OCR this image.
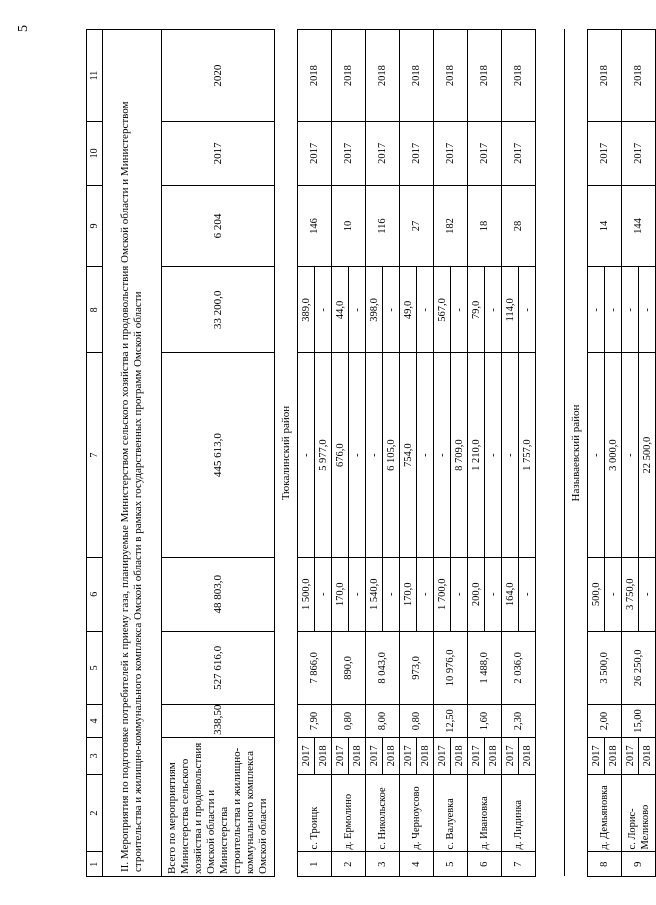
5
1	2	3	4	5	6	7	8	9	10	11
II. Мероприятия по подготовке потребителей к приему газа, планируемые Министерством сельского хозяйства и продовольствия Омской области и Министерством строительства и жилищно-коммунального комплекса Омской области в рамках государственных программ Омской области										
Всего по мероприятиям Министерства сельского хозяйства и продовольствия Омской области и Министерства строительства и жилищно-коммунального комплекса Омской области			338,50	527 616,0	48 803,0	445 613,0	33 200,0	6 204	2017	2020
Тюкалинский район										
1	с. Троицк	2017	7,90	7 866,0	1 500,0	-	389,0	146	2017	2018
		2018			-	5 977,0	-			
2	д. Ермолино	2017	0,80	890,0	170,0	676,0	44,0	10	2017	2018
		2018			-	-	-			
3	с. Никольское	2017	8,00	8 043,0	1 540,0	-	398,0	116	2017	2018
		2018			-	6 105,0	-			
4	д. Черноусово	2017	0,80	973,0	170,0	754,0	49,0	27	2017	2018
		2018			-	-	-			
5	с. Валуевка	2017	12,50	10 976,0	1 700,0	-	567,0	182	2017	2018
		2018			-	8 709,0	-			
6	д. Ивановка	2017	1,60	1 488,0	200,0	1 210,0	79,0	18	2017	2018
		2018			-	-	-			
7	д. Лидинка	2017	2,30	2 036,0	164,0	-	114,0	28	2017	2018
		2018			-	1 757,0	-			

Называевский район										
8	д. Демьяновка	2017	2,00	3 500,0	500,0	-	-	14	2017	2018
		2018			-	3 000,0	-			
9	с. Лорис-Меликово	2017	15,00	26 250,0	3 750,0	-	-	144	2017	2018
		2018			-	22 500,0	-			
